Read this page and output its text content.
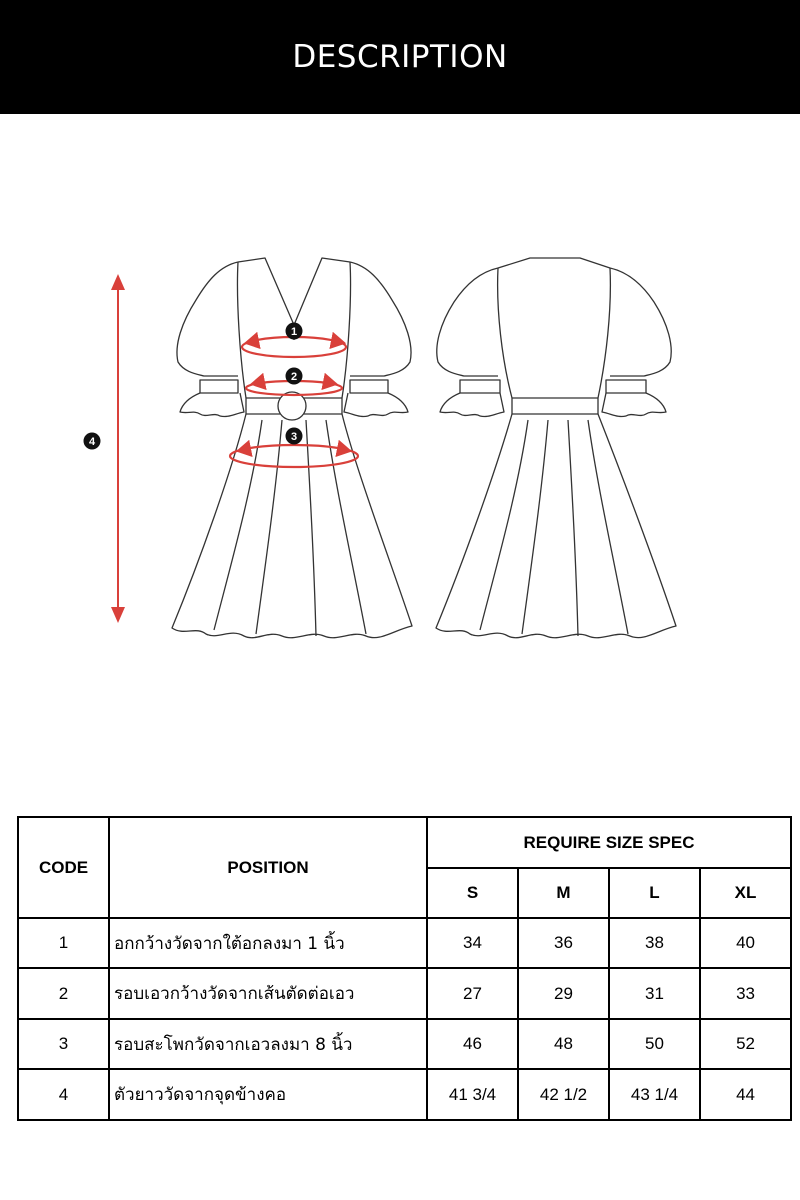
DESCRIPTION
4
1
2
3
CODE	POSITION	REQUIRE SIZE SPEC			
		S	M	L	XL
1	อกกว้างวัดจากใต้อกลงมา 1 นิ้ว	34	36	38	40
2	รอบเอวกว้างวัดจากเส้นตัดต่อเอว	27	29	31	33
3	รอบสะโพกวัดจากเอวลงมา 8 นิ้ว	46	48	50	52
4	ตัวยาววัดจากจุดข้างคอ	41 3/4	42 1/2	43 1/4	44
